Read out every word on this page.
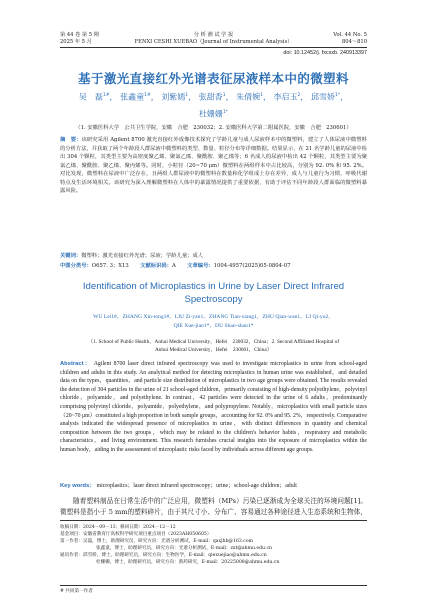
第 44 卷 第 5 期	分 析 测 试 学 报	Vol. 44 No. 5
2025 年 5 月	FENXI CESHI XUEBAO（Journal of Instrumental Analysis）	804～810
doi: 10.12452/j. fxcsxb. 240913397
基于激光直接红外光谱表征尿液样本中的微塑料
吴　磊$^{1\#}$， 张鑫童$^{1\#}$， 刘紫嫣$^1$， 张甜香$^1$， 朱倩婉$^1$， 李启玉$^2$， 邱雪娇$^{1*}$，
杜姗姗$^{1*}$
（1. 安徽医科大学　公共卫生学院，安徽　合肥　230032；2. 安徽医科大学第二附属医院，安徽　合肥　230601）
摘　要：该研究采用 Agilent 8700 激光直接红外成像技术探究了学龄儿童与成人尿液样本中的微塑料，建立了人体尿液中微塑料的分析方法，并获取了两个年龄段人群尿液中微塑料的类型、数量、粒径分布等详细数据。结果显示，在 21 名学龄儿童的尿液中检出 304 个颗粒，其类型主要为高密度聚乙烯、聚氯乙烯、聚酰胺、聚乙烯等；6 名成人的尿液中检出 42 个颗粒，其类型主要为聚氯乙烯、聚酰胺、聚乙烯、聚丙烯等。同时，小粒径（20~70 μm）微塑料在两组样本中占比较高，分别为 92. 0% 和 95. 2%。对比发现，微塑料在尿液中广泛存在，且两组人群尿液中的微塑料在数量和化学组成上存在差异，成人与儿童行为习惯、呼吸代谢特点及生活环境相关。该研究为深入理解微塑料在人体中的暴露情况提供了重要依据，有助于评估不同年龄段人群面临的微塑料暴露风险。
关键词：微塑料；激光直接红外光谱；尿液；学龄儿童；成人
中图分类号：O657. 3；X13 文献标识码：A 文章编号：1004-4957(2025)05-0804-07
Identification of Microplastics in Urine by Laser Direct Infrared Spectroscopy
WU Lei1#，ZHANG Xin-tong1#，LIU Zi-yan1，ZHANG Tian-xiang1，ZHU Qian-wan1，LI Qi-yu2，
QIE Xue-jiao1*，DU Shan-shan1*
（1. School of Public Health，Anhui Medical University，Hefei　230032，China；2. Second Affiliated Hospital of
Anhui Medical University，Hefei　230601，China）
Abstract： Agilent 8700 laser direct infrared spectroscopy was used to investigate microplastics in urine from school-aged children and adults in this study. An analytical method for detecting microplastics in human urine was established，and detailed data on the types，quantities，and particle size distribution of microplastics in two age groups were obtained. The results revealed the detection of 304 particles in the urine of 21 school-aged children，primarily consisting of high-density polyethylene，polyvinyl chloride，polyamide，and polyethylene. In contrast，42 particles were detected in the urine of 6 adults，predominantly comprising polyvinyl chloride，polyamide，polyethylene，and polypropylene. Notably，microplastics with small particle sizes（20~70 μm）constituted a high proportion in both sample groups，accounting for 92. 0% and 95. 2%，respectively. Comparative analysis indicated the widespread presence of microplastics in urine，with distinct differences in quantity and chemical composition between the two groups，which may be related to the children's behavior habits，respiratory and metabolic characteristics，and living environment. This research furnishes crucial insights into the exposure of microplastics within the human body，aiding in the assessment of microplastic risks faced by individuals across different age groups.
Key words： microplastics；laser direct infrared spectroscopy；urine；school-age children；adult
随着塑料制品在日常生活中的广泛应用，微塑料（MPs）污染已逐渐成为全球关注的环境问题[1]。微塑料是指小于 5 mm的塑料碎片，由于其尺寸小、分布广、容易通过各种途径进入生态系统和生物体，
收稿日期：2024－09－13；修回日期：2024－12－12
基金项目：安徽省教育厅高校科学研究项目重点项目（2023AH050605）
第一作者：吴磊，博士，助理研究员，研究方向：光谱分析测试，E-mail：qaxjhb@163.com
张鑫童，博士，助理研究员，研究方向：光谱分析测试，E-mail：zxt@ahmu.edu.cn
通讯作者：邱雪娇，博士，助理研究员，研究方向：生物医学，E-mail：qiexuejiao@ahmu.edu.cn
杜姗姗，博士，助理研究员，研究方向：新药研究，E-mail：20225008@ahmu.edu.cn
# 共同第一作者
